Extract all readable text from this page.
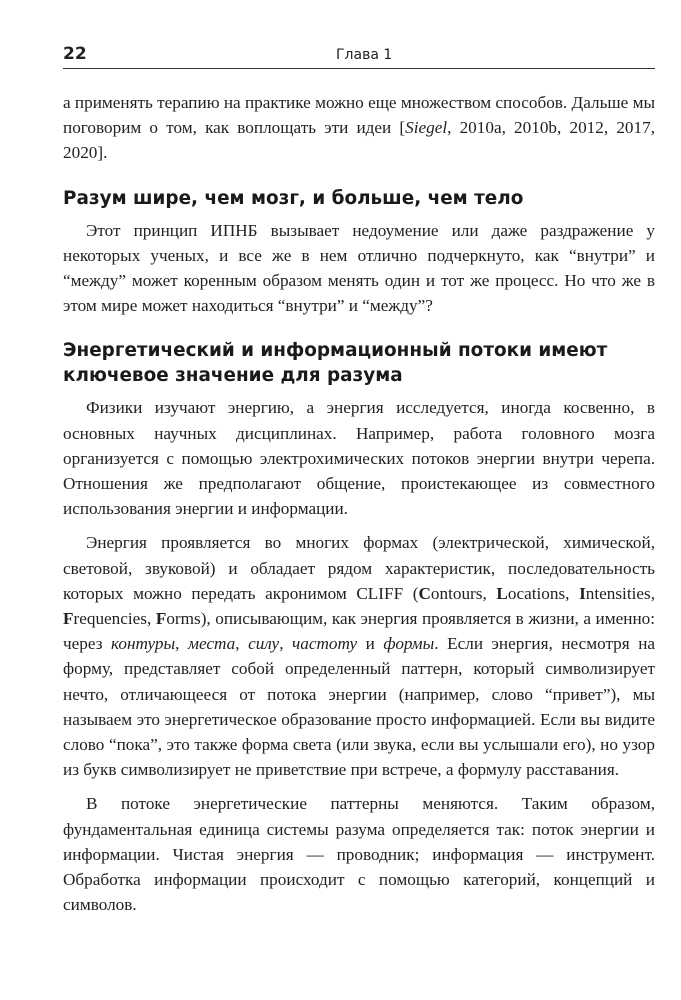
22	Глава 1

а применять терапию на практике можно еще множеством способов. Дальше мы поговорим о том, как воплощать эти идеи [Siegel, 2010a, 2010b, 2012, 2017, 2020].

Разум шире, чем мозг, и больше, чем тело

Этот принцип ИПНБ вызывает недоумение или даже раздражение у некоторых ученых, и все же в нем отлично подчеркнуто, как “внутри” и “между” может коренным образом менять один и тот же процесс. Но что же в этом мире может находиться “внутри” и “между”?

Энергетический и информационный потоки имеют
ключевое значение для разума

Физики изучают энергию, а энергия исследуется, иногда косвенно, в основных научных дисциплинах. Например, работа головного мозга организуется с помощью электрохимических потоков энергии внутри черепа. Отношения же предполагают общение, проистекающее из совместного использования энергии и информации.

Энергия проявляется во многих формах (электрической, химической, световой, звуковой) и обладает рядом характеристик, последовательность которых можно передать акронимом CLIFF (Contours, Locations, Intensities, Frequencies, Forms), описывающим, как энергия проявляется в жизни, а именно: через контуры, места, силу, частоту и формы. Если энергия, несмотря на форму, представляет собой определенный паттерн, который символизирует нечто, отличающееся от потока энергии (например, слово “привет”), мы называем это энергетическое образование просто информацией. Если вы видите слово “пока”, это также форма света (или звука, если вы услышали его), но узор из букв символизирует не приветствие при встрече, а формулу расставания.

В потоке энергетические паттерны меняются. Таким образом, фундаментальная единица системы разума определяется так: поток энергии и информации. Чистая энергия — проводник; информация — инструмент. Обработка информации происходит с помощью категорий, концепций и символов.
